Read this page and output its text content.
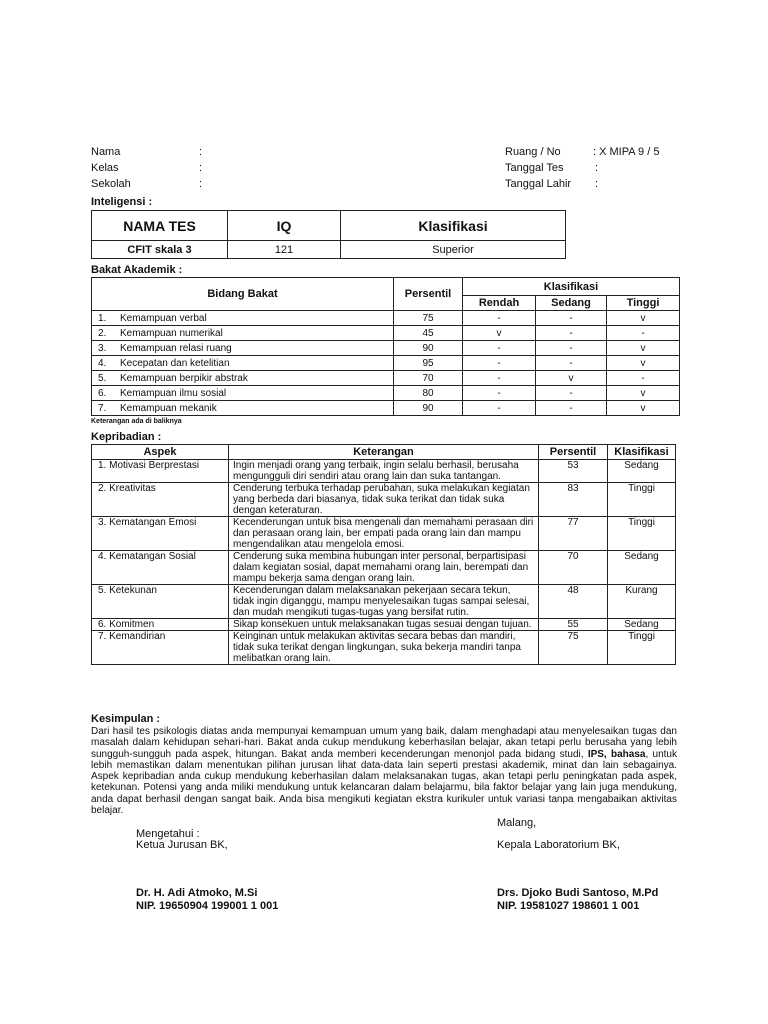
Nama	:
Kelas	:
Sekolah	:
Ruang / No	: X MIPA 9 / 5
Tanggal Tes	:
Tanggal Lahir :
Inteligensi :
NAMA TES	IQ	Klasifikasi
CFIT skala 3	121	Superior
Bakat Akademik :
Bidang Bakat		Persentil	Klasifikasi		
			Rendah	Sedang	Tinggi
1.	Kemampuan verbal	75	-	-	v
2.	Kemampuan numerikal	45	v	-	-
3.	Kemampuan relasi ruang	90	-	-	v
4.	Kecepatan dan ketelitian	95	-	-	v
5.	Kemampuan berpikir abstrak	70	-	v	-
6.	Kemampuan ilmu sosial	80	-	-	v
7.	Kemampuan mekanik	90	-	-	v
Keterangan ada di baliknya
Kepribadian :
Aspek	Keterangan	Persentil	Klasifikasi
1. Motivasi Berprestasi	Ingin menjadi orang yang terbaik, ingin selalu berhasil, berusaha mengungguli diri sendiri atau orang lain dan suka tantangan.	53	Sedang
2. Kreativitas	Cenderung terbuka terhadap perubahan, suka melakukan kegiatan yang berbeda dari biasanya, tidak suka terikat dan tidak suka dengan keteraturan.	83	Tinggi
3. Kematangan Emosi	Kecenderungan untuk bisa mengenali dan memahami perasaan diri dan perasaan orang lain, ber empati pada orang lain dan mampu mengendalikan atau mengelola emosi.	77	Tinggi
4. Kematangan Sosial	Cenderung suka membina hubungan inter personal, berpartisipasi dalam kegiatan sosial, dapat memahami orang lain, berempati dan mampu bekerja sama dengan orang lain.	70	Sedang
5. Ketekunan	Kecenderungan dalam melaksanakan pekerjaan secara tekun, tidak ingin diganggu, mampu menyelesaikan tugas sampai selesai, dan mudah mengikuti tugas-tugas yang bersifat rutin.	48	Kurang
6. Komitmen	Sikap konsekuen untuk melaksanakan tugas sesuai dengan tujuan.	55	Sedang
7. Kemandirian	Keinginan untuk melakukan aktivitas secara bebas dan mandiri, tidak suka terikat dengan lingkungan, suka bekerja mandiri tanpa melibatkan orang lain.	75	Tinggi
Kesimpulan :
Dari hasil tes psikologis diatas anda mempunyai kemampuan umum yang baik, dalam menghadapi atau menyelesaikan tugas dan masalah dalam kehidupan sehari-hari. Bakat anda cukup mendukung keberhasilan belajar, akan tetapi perlu berusaha yang lebih sungguh-sungguh pada aspek, hitungan. Bakat anda memberi kecenderungan menonjol pada bidang studi, IPS, bahasa, untuk lebih memastikan dalam menentukan pilihan jurusan lihat data-data lain seperti prestasi akademik, minat dan lain sebagainya. Aspek kepribadian anda cukup mendukung keberhasilan dalam melaksanakan tugas, akan tetapi perlu peningkatan pada aspek, ketekunan. Potensi yang anda miliki mendukung untuk kelancaran dalam belajarmu, bila faktor belajar yang lain juga mendukung, anda dapat berhasil dengan sangat baik. Anda bisa mengikuti kegiatan ekstra kurikuler untuk variasi tanpa mengabaikan aktivitas belajar.
Malang,
Mengetahui :
Ketua Jurusan BK,	Kepala Laboratorium BK,
Dr. H. Adi Atmoko, M.Si
NIP. 19650904 199001 1 001
Drs. Djoko Budi Santoso, M.Pd
NIP. 19581027 198601 1 001
